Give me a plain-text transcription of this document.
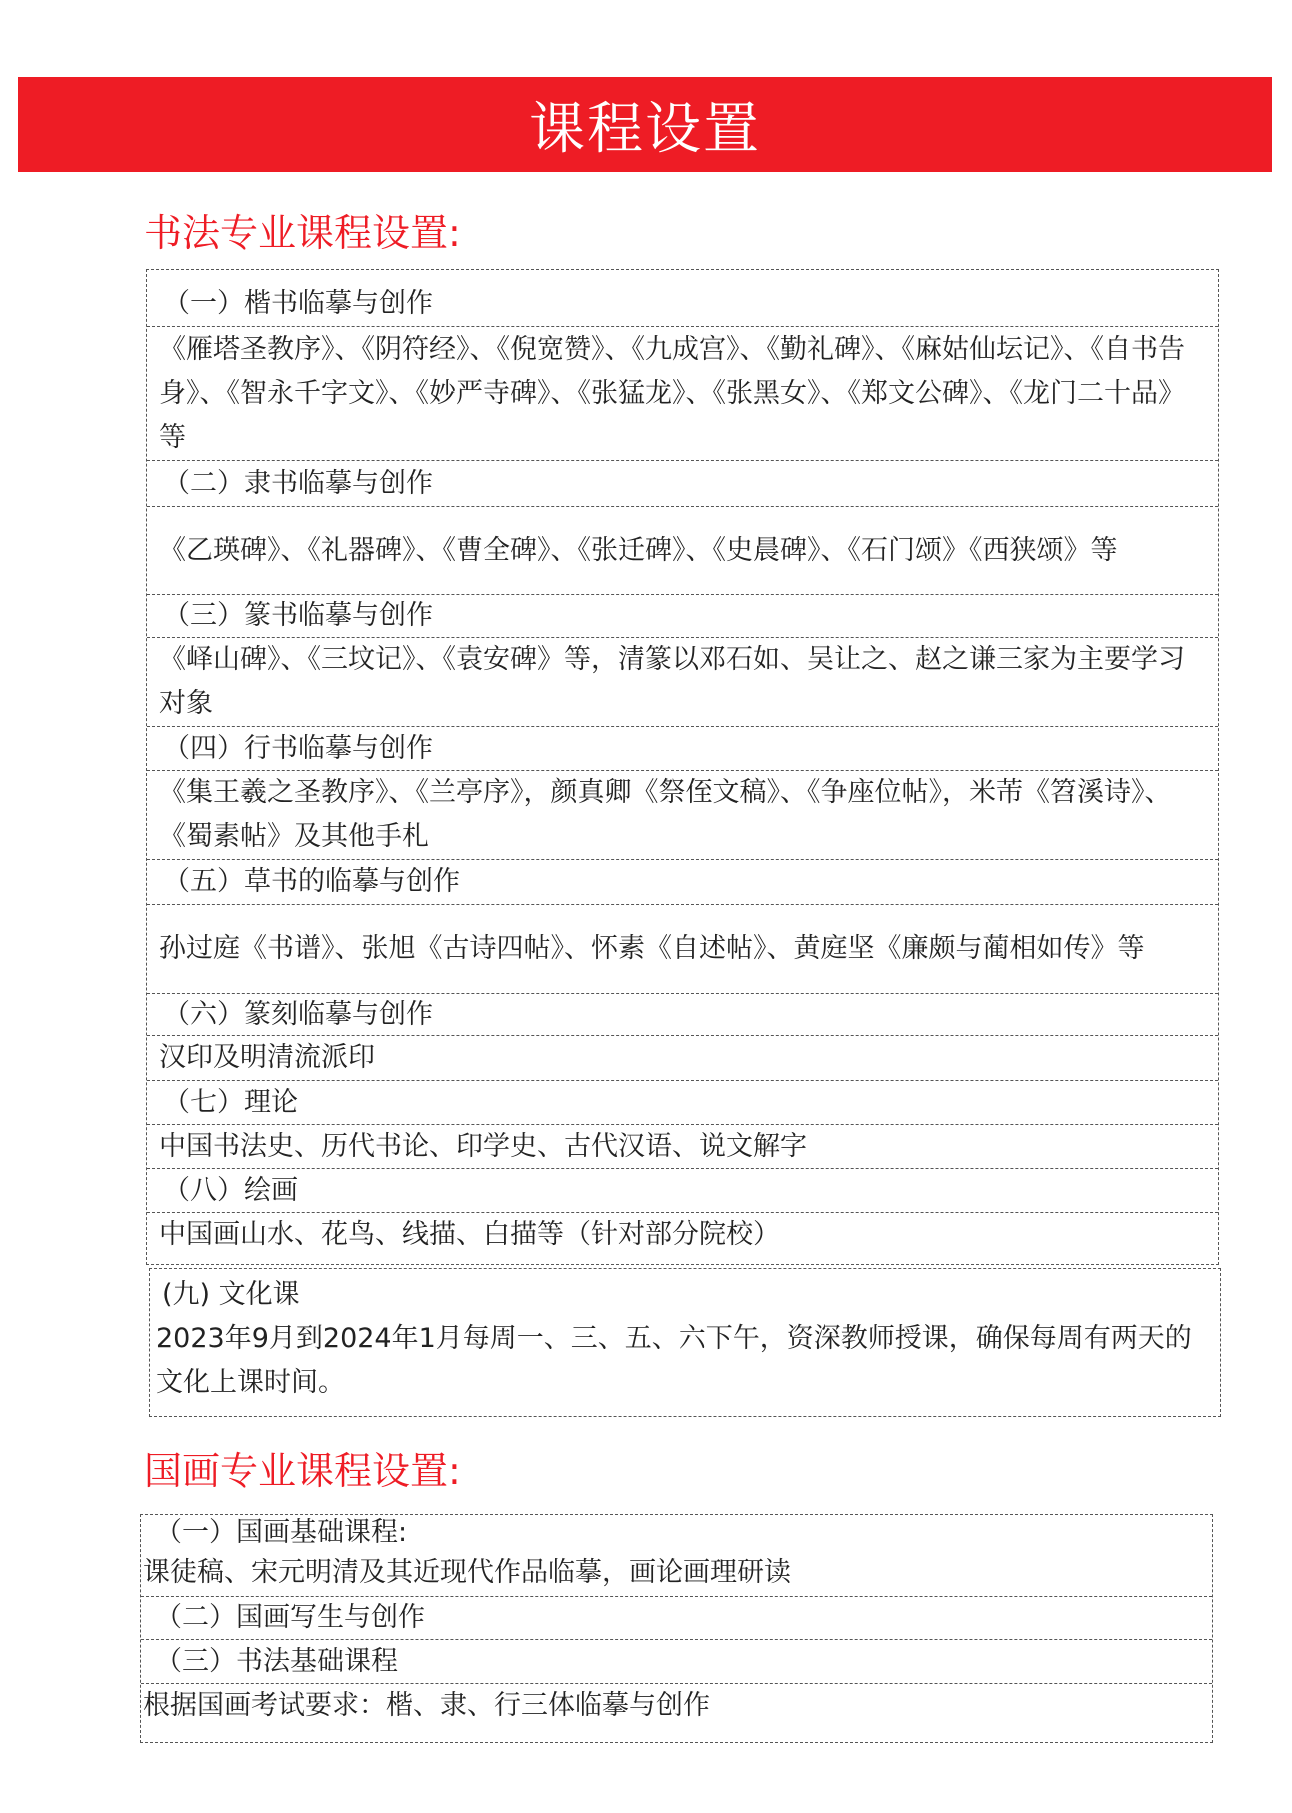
课程设置
书法专业课程设置:
（一）楷书临摹与创作
《雁塔圣教序》、《阴符经》、《倪宽赞》、《九成宫》、《勤礼碑》、《麻姑仙坛记》、《自书告身》、《智永千字文》、《妙严寺碑》、《张猛龙》、《张黑女》、《郑文公碑》、《龙门二十品》等
（二）隶书临摹与创作
《乙瑛碑》、《礼器碑》、《曹全碑》、《张迁碑》、《史晨碑》、《石门颂》《西狭颂》等
（三）篆书临摹与创作
《峄山碑》、《三坟记》、《袁安碑》等，清篆以邓石如、吴让之、赵之谦三家为主要学习对象
（四）行书临摹与创作
《集王羲之圣教序》、《兰亭序》，颜真卿《祭侄文稿》、《争座位帖》，米芾《笤溪诗》、《蜀素帖》及其他手札
（五）草书的临摹与创作
孙过庭《书谱》、张旭《古诗四帖》、怀素《自述帖》、黄庭坚《廉颇与蔺相如传》等
（六）篆刻临摹与创作
汉印及明清流派印
（七）理论
中国书法史、历代书论、印学史、古代汉语、说文解字
（八）绘画
中国画山水、花鸟、线描、白描等（针对部分院校）
(九) 文化课
2023年9月到2024年1月每周一、三、五、六下午，资深教师授课，确保每周有两天的文化上课时间。
国画专业课程设置:
（一）国画基础课程:
课徒稿、宋元明清及其近现代作品临摹，画论画理研读
（二）国画写生与创作
（三）书法基础课程
根据国画考试要求：楷、隶、行三体临摹与创作
